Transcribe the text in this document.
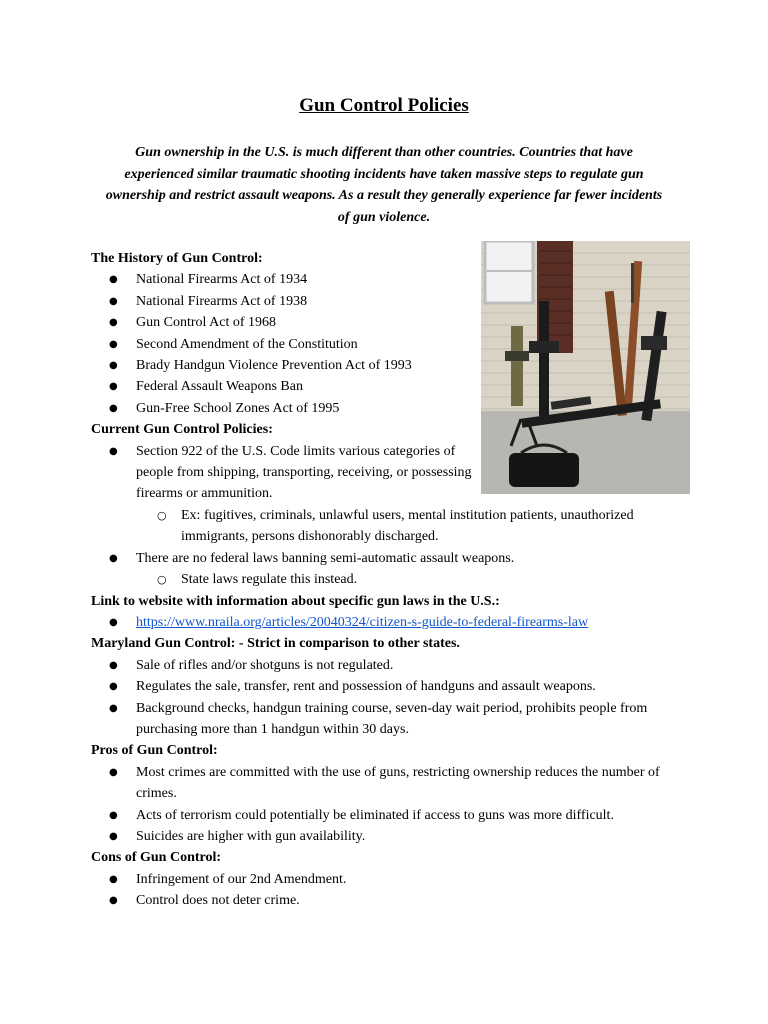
Gun Control Policies
Gun ownership in the U.S. is much different than other countries. Countries that have experienced similar traumatic shooting incidents have taken massive steps to regulate gun ownership and restrict assault weapons. As a result they generally experience far fewer incidents of gun violence.
The History of Gun Control:
● National Firearms Act of 1934
● National Firearms Act of 1938
● Gun Control Act of 1968
● Second Amendment of the Constitution
● Brady Handgun Violence Prevention Act of 1993
● Federal Assault Weapons Ban
● Gun-Free School Zones Act of 1995
Current Gun Control Policies:
● Section 922 of the U.S. Code limits various categories of people from shipping, transporting, receiving, or possessing firearms or ammunition.
○ Ex: fugitives, criminals, unlawful users, mental institution patients, unauthorized immigrants, persons dishonorably discharged.
● There are no federal laws banning semi-automatic assault weapons.
○ State laws regulate this instead.
Link to website with information about specific gun laws in the U.S.:
● https://www.nraila.org/articles/20040324/citizen-s-guide-to-federal-firearms-law
Maryland Gun Control: - Strict in comparison to other states.
● Sale of rifles and/or shotguns is not regulated.
● Regulates the sale, transfer, rent and possession of handguns and assault weapons.
● Background checks, handgun training course, seven-day wait period, prohibits people from purchasing more than 1 handgun within 30 days.
Pros of Gun Control:
● Most crimes are committed with the use of guns, restricting ownership reduces the number of crimes.
● Acts of terrorism could potentially be eliminated if access to guns was more difficult.
● Suicides are higher with gun availability.
Cons of Gun Control:
● Infringement of our 2nd Amendment.
● Control does not deter crime.
